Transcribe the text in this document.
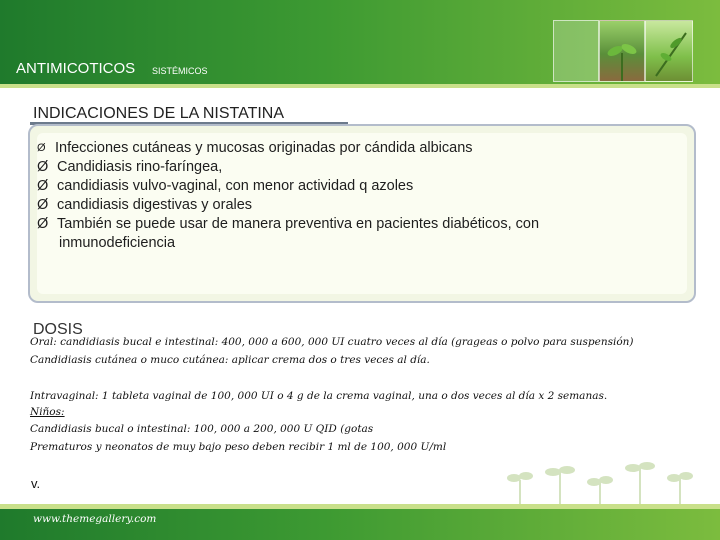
ANTIMICOTICOS SISTÉMICOS
INDICACIONES DE LA NISTATINA
Ø Infecciones cutáneas y mucosas originadas por cándida albicans
Ø Candidiasis rino-faríngea,
Ø candidiasis vulvo-vaginal, con menor actividad q azoles
Ø candidiasis digestivas y orales
Ø También se puede usar de manera preventiva en pacientes diabéticos, con
inmunodeficiencia
DOSIS
Oral: candidiasis bucal e intestinal: 400, 000 a 600, 000 UI cuatro veces al día (grageas o polvo para suspensión)
Candidiasis cutánea o muco cutánea: aplicar crema dos o tres veces al día.
Intravaginal: 1 tableta vaginal de 100, 000 UI o 4 g de la crema vaginal, una o dos veces al día x 2 semanas.
Niños:
Candidiasis bucal o intestinal: 100, 000 a 200, 000 U QID (gotas
Prematuros y neonatos de muy bajo peso deben recibir 1 ml de 100, 000 U/ml
v.
www.themegallery.com
